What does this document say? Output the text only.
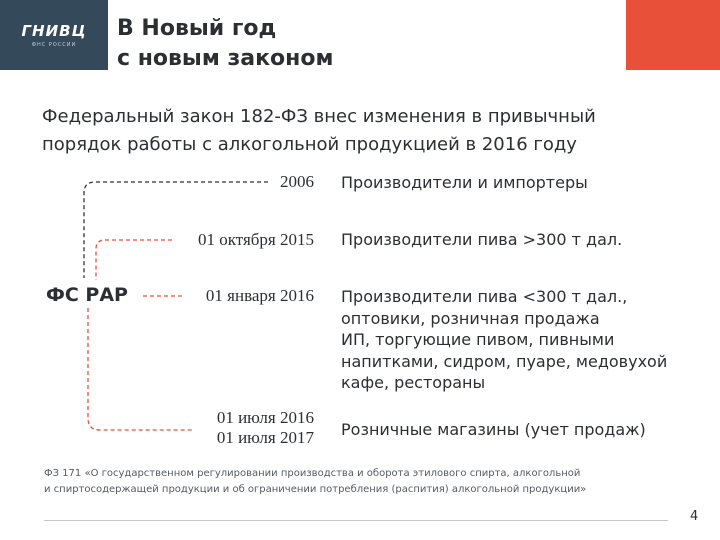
ГНИВЦ
ФНС РОССИИ
В Новый год
с новым законом
Федеральный закон 182-ФЗ внес изменения в привычный
порядок работы с алкогольной продукцией в 2016 году
ФС РАР
2006
01 октября 2015
01 января 2016
01 июля 2016
01 июля 2017
Производители и импортеры
Производители пива >300 т дал.
Производители пива <300 т дал.,
оптовики, розничная продажа
ИП, торгующие пивом, пивными
напитками, сидром, пуаре, медовухой
кафе, рестораны
Розничные магазины (учет продаж)
ФЗ 171 «О государственном регулировании производства и оборота этилового спирта, алкогольной
и спиртосодержащей продукции и об ограничении потребления (распития) алкогольной продукции»
4
